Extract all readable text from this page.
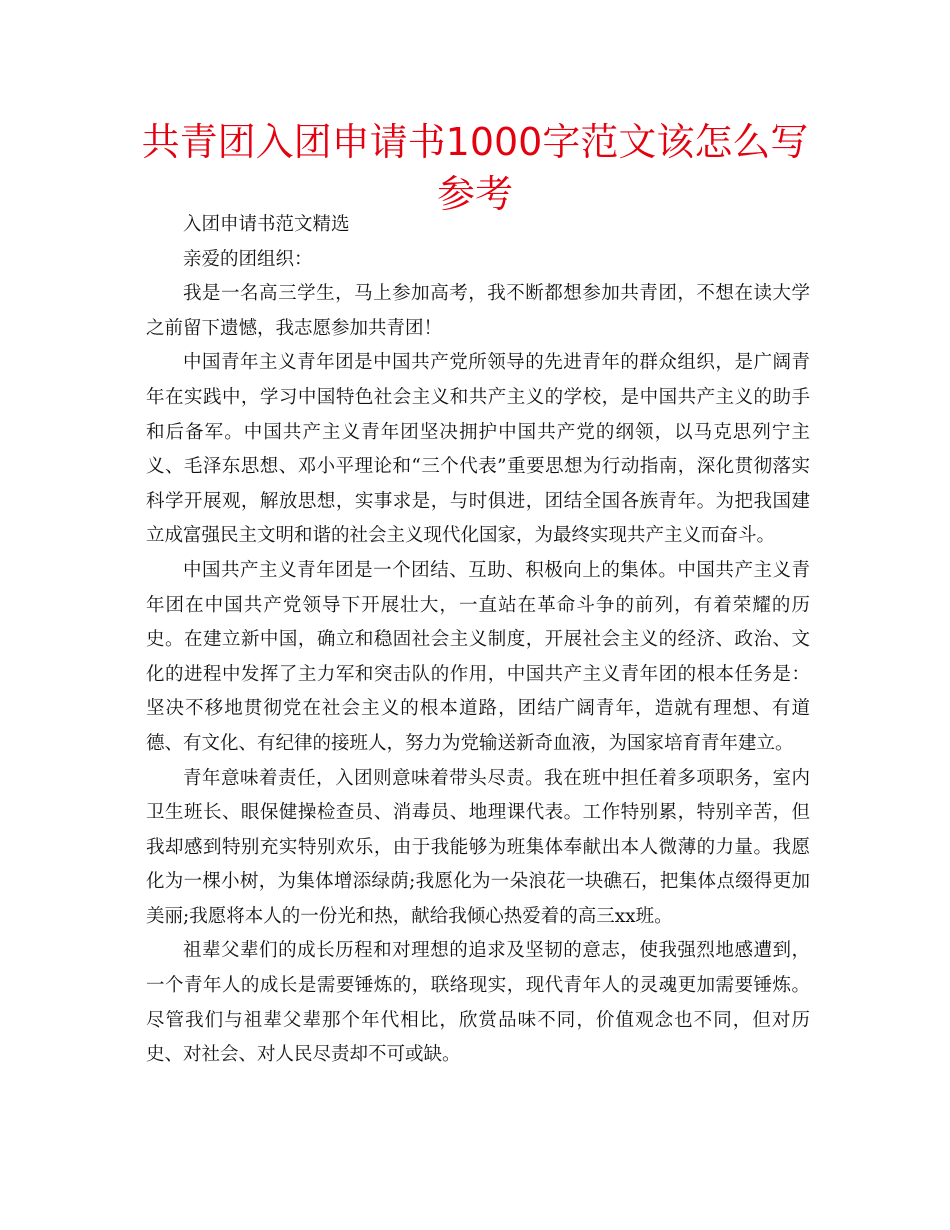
共青团入团申请书1000字范文该怎么写参考

入团申请书范文精选

亲爱的团组织：

我是一名高三学生，马上参加高考，我不断都想参加共青团，不想在读大学之前留下遗憾，我志愿参加共青团！

中国青年主义青年团是中国共产党所领导的先进青年的群众组织，是广阔青年在实践中，学习中国特色社会主义和共产主义的学校，是中国共产主义的助手和后备军。中国共产主义青年团坚决拥护中国共产党的纲领，以马克思列宁主义、毛泽东思想、邓小平理论和“三个代表”重要思想为行动指南，深化贯彻落实科学开展观，解放思想，实事求是，与时俱进，团结全国各族青年。为把我国建立成富强民主文明和谐的社会主义现代化国家，为最终实现共产主义而奋斗。

中国共产主义青年团是一个团结、互助、积极向上的集体。中国共产主义青年团在中国共产党领导下开展壮大，一直站在革命斗争的前列，有着荣耀的历史。在建立新中国，确立和稳固社会主义制度，开展社会主义的经济、政治、文化的进程中发挥了主力军和突击队的作用，中国共产主义青年团的根本任务是：坚决不移地贯彻党在社会主义的根本道路，团结广阔青年，造就有理想、有道德、有文化、有纪律的接班人，努力为党输送新奇血液，为国家培育青年建立。

青年意味着责任，入团则意味着带头尽责。我在班中担任着多项职务，室内卫生班长、眼保健操检查员、消毒员、地理课代表。工作特别累，特别辛苦，但我却感到特别充实特别欢乐，由于我能够为班集体奉献出本人微薄的力量。我愿化为一棵小树，为集体增添绿荫;我愿化为一朵浪花一块礁石，把集体点缀得更加美丽;我愿将本人的一份光和热，献给我倾心热爱着的高三xx班。

祖辈父辈们的成长历程和对理想的追求及坚韧的意志，使我强烈地感遭到，一个青年人的成长是需要锤炼的，联络现实，现代青年人的灵魂更加需要锤炼。尽管我们与祖辈父辈那个年代相比，欣赏品味不同，价值观念也不同，但对历史、对社会、对人民尽责却不可或缺。
